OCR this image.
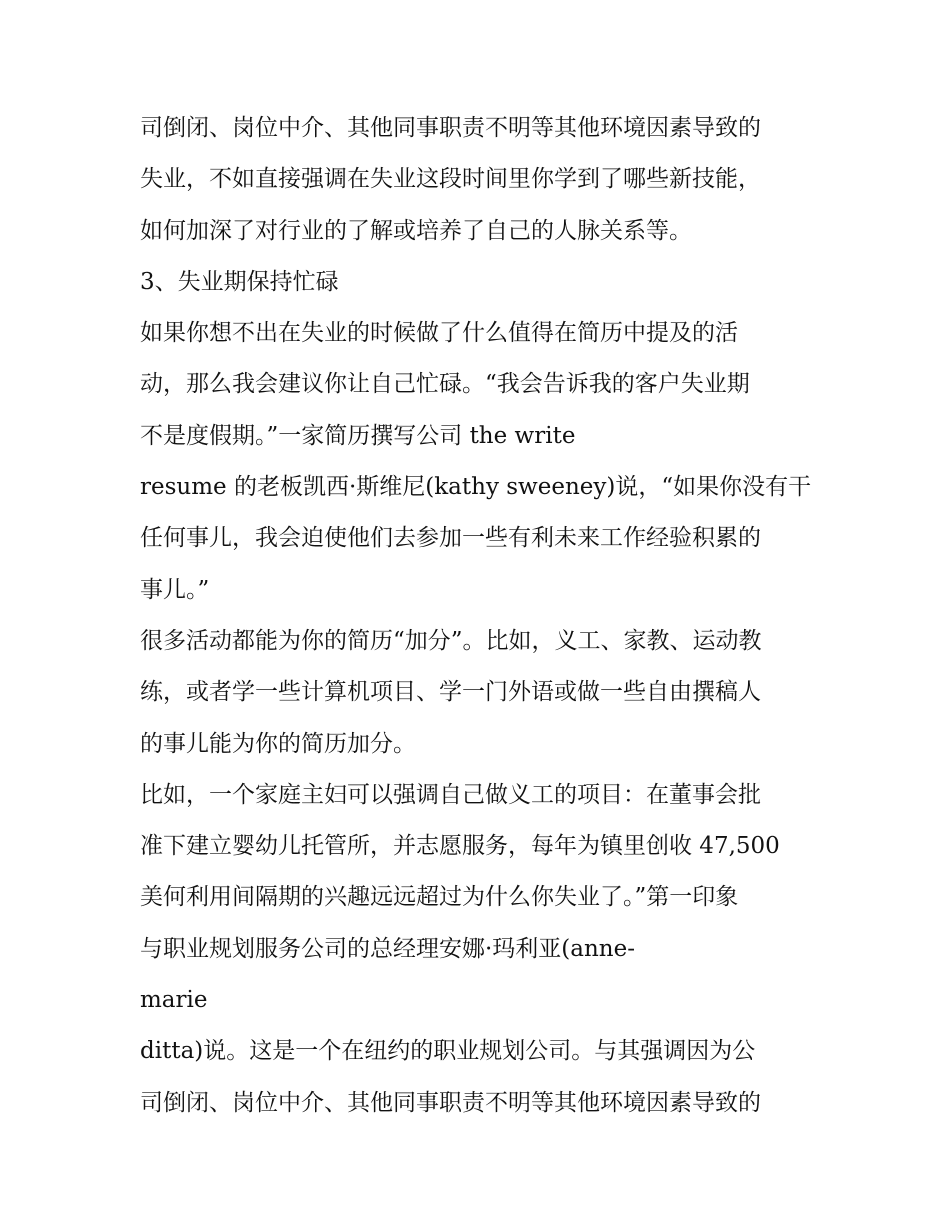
司倒闭、岗位中介、其他同事职责不明等其他环境因素导致的
失业，不如直接强调在失业这段时间里你学到了哪些新技能，
如何加深了对行业的了解或培养了自己的人脉关系等。
3、失业期保持忙碌
如果你想不出在失业的时候做了什么值得在简历中提及的活
动，那么我会建议你让自己忙碌。“我会告诉我的客户失业期
不是度假期。”一家简历撰写公司 the write
resume 的老板凯西·斯维尼(kathy sweeney)说，“如果你没有干
任何事儿，我会迫使他们去参加一些有利未来工作经验积累的
事儿。”
很多活动都能为你的简历“加分”。比如，义工、家教、运动教
练，或者学一些计算机项目、学一门外语或做一些自由撰稿人
的事儿能为你的简历加分。
比如，一个家庭主妇可以强调自己做义工的项目：在董事会批
准下建立婴幼儿托管所，并志愿服务，每年为镇里创收 47,500
美何利用间隔期的兴趣远远超过为什么你失业了。”第一印象
与职业规划服务公司的总经理安娜·玛利亚(anne-
marie
ditta)说。这是一个在纽约的职业规划公司。与其强调因为公
司倒闭、岗位中介、其他同事职责不明等其他环境因素导致的
